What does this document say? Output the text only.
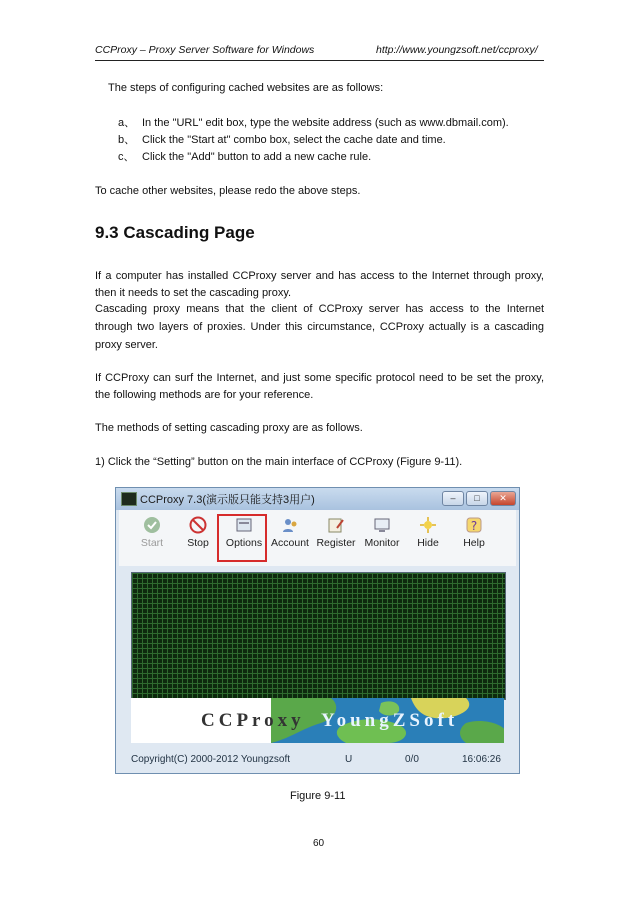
CCProxy – Proxy Server Software for Windows	http://www.youngzsoft.net/ccproxy/
The steps of configuring cached websites are as follows:
a、 In the "URL" edit box, type the website address (such as www.dbmail.com).
b、 Click the "Start at" combo box, select the cache date and time.
c、 Click the "Add" button to add a new cache rule.
To cache other websites, please redo the above steps.
9.3 Cascading Page
If a computer has installed CCProxy server and has access to the Internet through proxy,
then it needs to set the cascading proxy.
Cascading proxy means that the client of CCProxy server has access to the Internet
through two layers of proxies. Under this circumstance, CCProxy actually is a cascading
proxy server.
If CCProxy can surf the Internet, and just some specific protocol need to be set the proxy,
the following methods are for your reference.
The methods of setting cascading proxy are as follows.
1) Click the “Setting” button on the main interface of CCProxy (Figure 9-11).
CCProxy 7.3(演示版只能支持3用户)	–	□	✕
Start	Stop	Options Account Register Monitor	Hide
?
Help
CCProxy YoungZSoft
Copyright(C) 2000-2012 Youngzsoft	U	0/0	16:06:26
Figure 9-11
60
